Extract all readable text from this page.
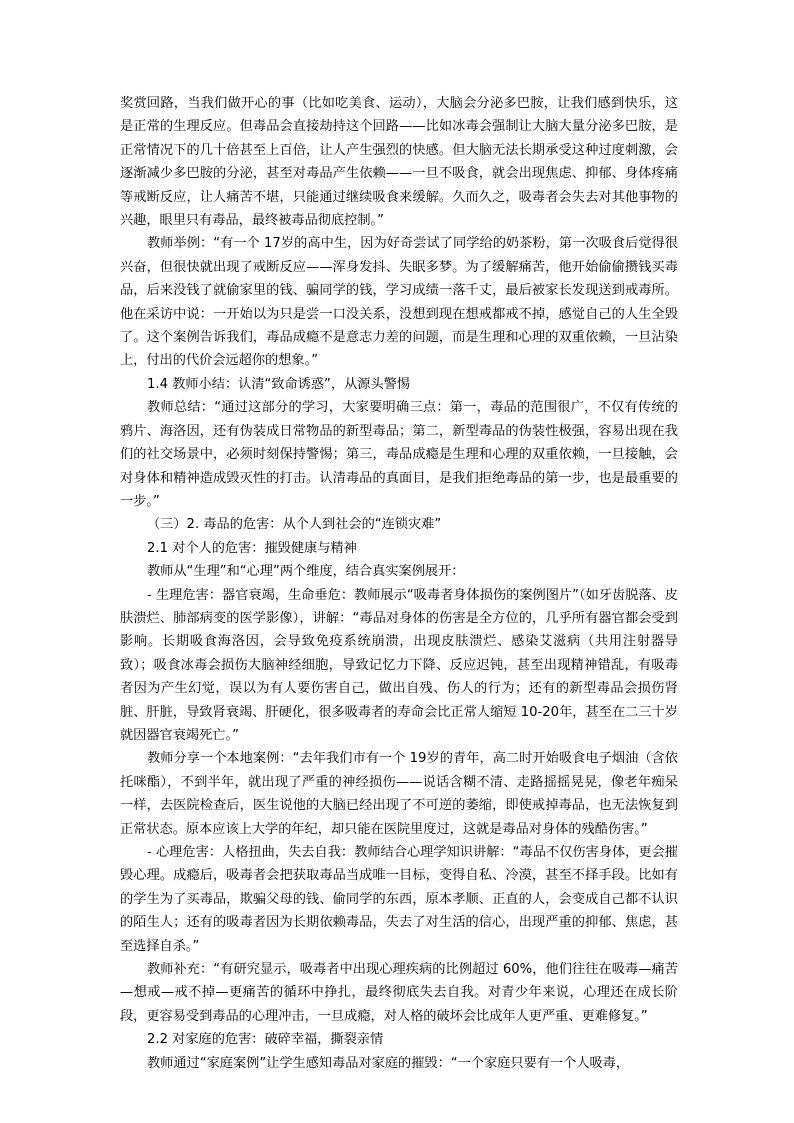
奖赏回路，当我们做开心的事（比如吃美食、运动），大脑会分泌多巴胺，让我们感到快乐，这是正常的生理反应。但毒品会直接劫持这个回路——比如冰毒会强制让大脑大量分泌多巴胺，是正常情况下的几十倍甚至上百倍，让人产生强烈的快感。但大脑无法长期承受这种过度刺激，会逐渐减少多巴胺的分泌，甚至对毒品产生依赖——一旦不吸食，就会出现焦虑、抑郁、身体疼痛等戒断反应，让人痛苦不堪，只能通过继续吸食来缓解。久而久之，吸毒者会失去对其他事物的兴趣，眼里只有毒品，最终被毒品彻底控制。”

教师举例：“有一个 17岁的高中生，因为好奇尝试了同学给的奶茶粉，第一次吸食后觉得很兴奋，但很快就出现了戒断反应——浑身发抖、失眠多梦。为了缓解痛苦，他开始偷偷攒钱买毒品，后来没钱了就偷家里的钱、骗同学的钱，学习成绩一落千丈，最后被家长发现送到戒毒所。他在采访中说：一开始以为只是尝一口没关系，没想到现在想戒都戒不掉，感觉自己的人生全毁了。这个案例告诉我们，毒品成瘾不是意志力差的问题，而是生理和心理的双重依赖，一旦沾染上，付出的代价会远超你的想象。”

1.4 教师小结：认清“致命诱惑”，从源头警惕

教师总结：“通过这部分的学习，大家要明确三点：第一，毒品的范围很广，不仅有传统的鸦片、海洛因，还有伪装成日常物品的新型毒品；第二，新型毒品的伪装性极强，容易出现在我们的社交场景中，必须时刻保持警惕；第三，毒品成瘾是生理和心理的双重依赖，一旦接触，会对身体和精神造成毁灭性的打击。认清毒品的真面目，是我们拒绝毒品的第一步，也是最重要的一步。”

（三）2. 毒品的危害：从个人到社会的“连锁灾难”

2.1 对个人的危害：摧毁健康与精神

教师从“生理”和“心理”两个维度，结合真实案例展开：

- 生理危害：器官衰竭，生命垂危：教师展示“吸毒者身体损伤的案例图片”（如牙齿脱落、皮肤溃烂、肺部病变的医学影像），讲解：“毒品对身体的伤害是全方位的，几乎所有器官都会受到影响。长期吸食海洛因，会导致免疫系统崩溃，出现皮肤溃烂、感染艾滋病（共用注射器导致）；吸食冰毒会损伤大脑神经细胞，导致记忆力下降、反应迟钝，甚至出现精神错乱，有吸毒者因为产生幻觉，误以为有人要伤害自己，做出自残、伤人的行为；还有的新型毒品会损伤肾脏、肝脏，导致肾衰竭、肝硬化，很多吸毒者的寿命会比正常人缩短 10-20年，甚至在二三十岁就因器官衰竭死亡。”

教师分享一个本地案例：“去年我们市有一个 19岁的青年，高二时开始吸食电子烟油（含依托咪酯），不到半年，就出现了严重的神经损伤——说话含糊不清、走路摇摇晃晃，像老年痴呆一样，去医院检查后，医生说他的大脑已经出现了不可逆的萎缩，即使戒掉毒品，也无法恢复到正常状态。原本应该上大学的年纪，却只能在医院里度过，这就是毒品对身体的残酷伤害。”

- 心理危害：人格扭曲，失去自我：教师结合心理学知识讲解：“毒品不仅伤害身体，更会摧毁心理。成瘾后，吸毒者会把获取毒品当成唯一目标，变得自私、冷漠，甚至不择手段。比如有的学生为了买毒品，欺骗父母的钱、偷同学的东西，原本孝顺、正直的人，会变成自己都不认识的陌生人；还有的吸毒者因为长期依赖毒品，失去了对生活的信心，出现严重的抑郁、焦虑，甚至选择自杀。”

教师补充：“有研究显示，吸毒者中出现心理疾病的比例超过 60%，他们往往在吸毒—痛苦—想戒—戒不掉—更痛苦的循环中挣扎，最终彻底失去自我。对青少年来说，心理还在成长阶段，更容易受到毒品的心理冲击，一旦成瘾，对人格的破坏会比成年人更严重、更难修复。”

2.2 对家庭的危害：破碎幸福，撕裂亲情

教师通过“家庭案例”让学生感知毒品对家庭的摧毁：“一个家庭只要有一个人吸毒，
